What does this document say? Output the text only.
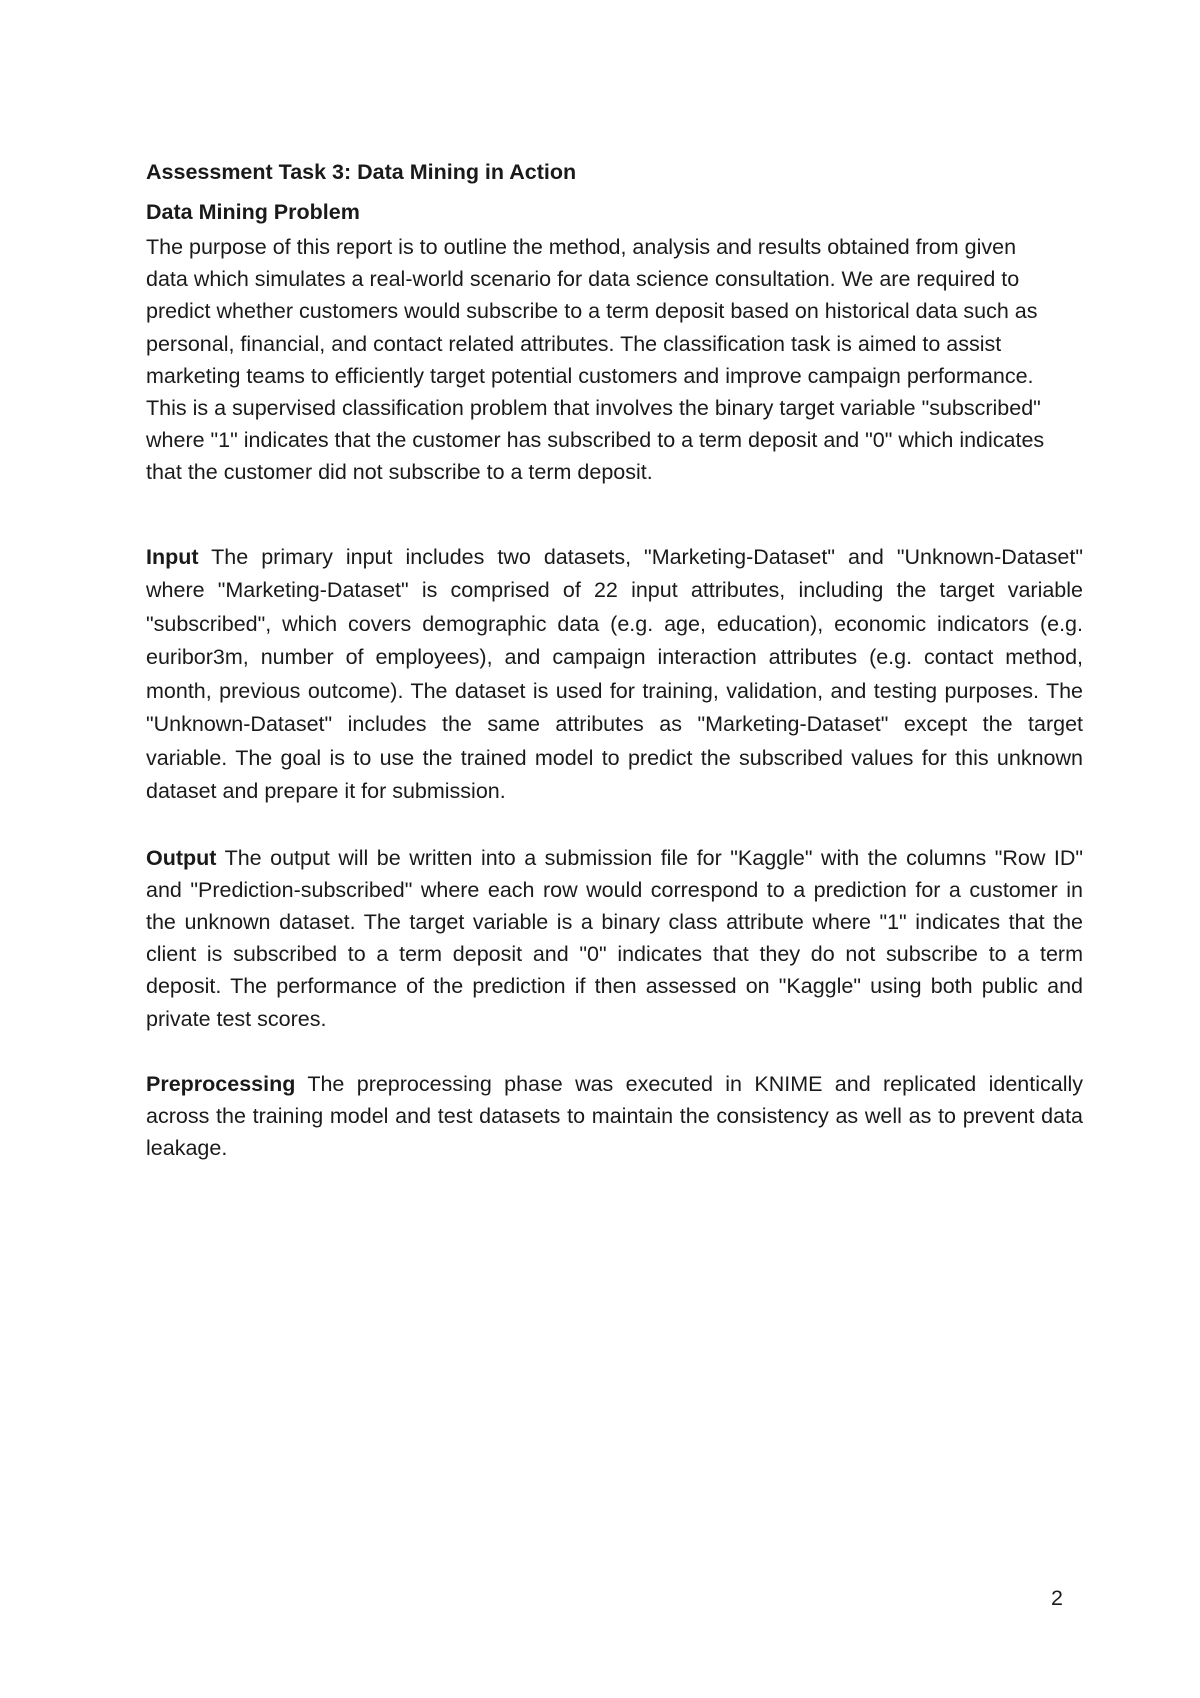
Assessment Task 3: Data Mining in Action
Data Mining Problem

The purpose of this report is to outline the method, analysis and results obtained from given data which simulates a real-world scenario for data science consultation. We are required to predict whether customers would subscribe to a term deposit based on historical data such as personal, financial, and contact related attributes. The classification task is aimed to assist marketing teams to efficiently target potential customers and improve campaign performance. This is a supervised classification problem that involves the binary target variable "subscribed" where "1" indicates that the customer has subscribed to a term deposit and "0" which indicates that the customer did not subscribe to a term deposit.

Input The primary input includes two datasets, "Marketing-Dataset" and "Unknown-Dataset" where "Marketing-Dataset" is comprised of 22 input attributes, including the target variable "subscribed", which covers demographic data (e.g. age, education), economic indicators (e.g. euribor3m, number of employees), and campaign interaction attributes (e.g. contact method, month, previous outcome). The dataset is used for training, validation, and testing purposes. The "Unknown-Dataset" includes the same attributes as "Marketing-Dataset" except the target variable. The goal is to use the trained model to predict the subscribed values for this unknown dataset and prepare it for submission.

Output The output will be written into a submission file for "Kaggle" with the columns "Row ID" and "Prediction-subscribed" where each row would correspond to a prediction for a customer in the unknown dataset. The target variable is a binary class attribute where "1" indicates that the client is subscribed to a term deposit and "0" indicates that they do not subscribe to a term deposit. The performance of the prediction if then assessed on "Kaggle" using both public and private test scores.

Preprocessing The preprocessing phase was executed in KNIME and replicated identically across the training model and test datasets to maintain the consistency as well as to prevent data leakage.

2
